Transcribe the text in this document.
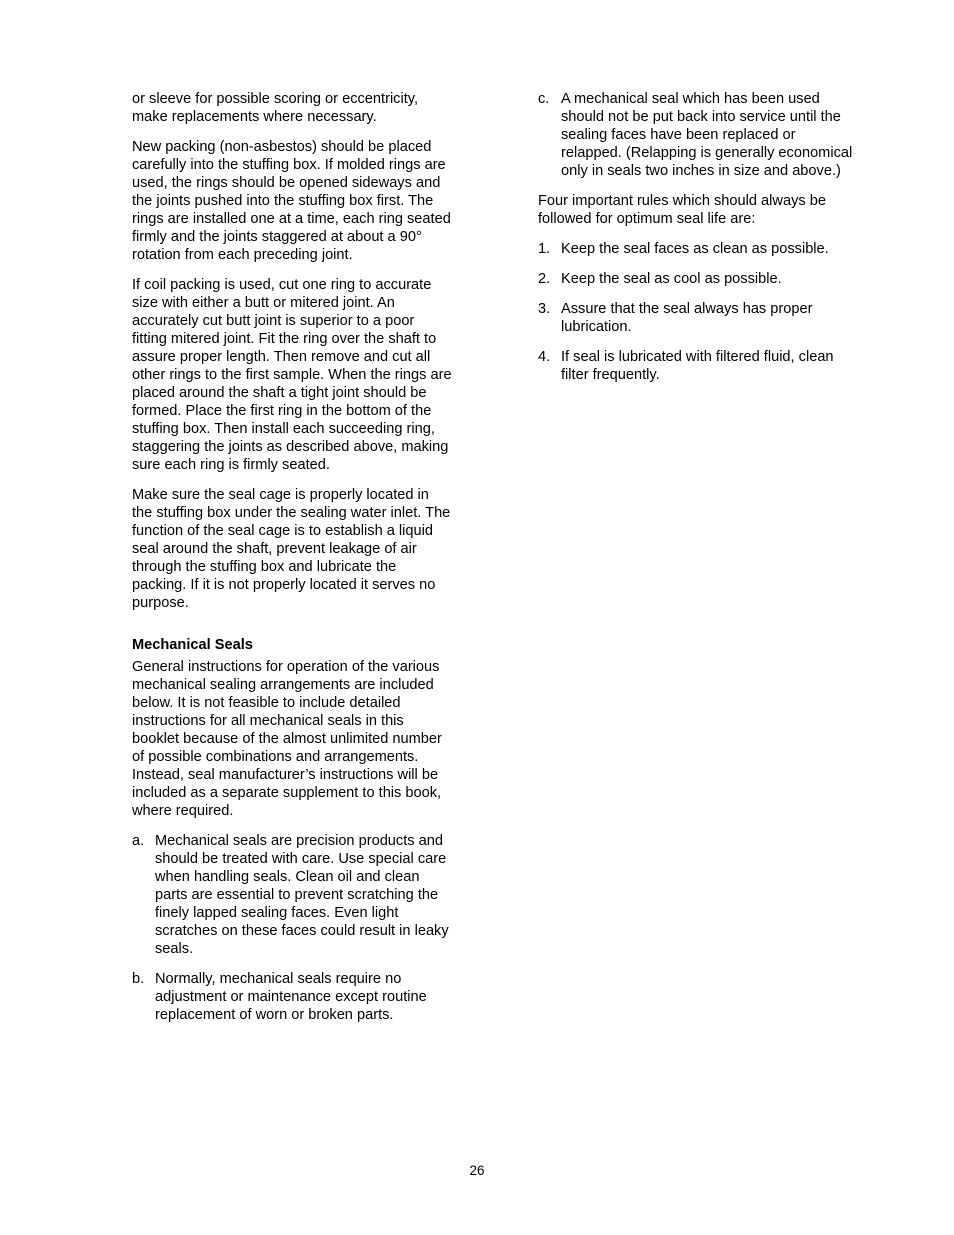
or sleeve for possible scoring or eccentricity, make replacements where necessary.

New packing (non-asbestos) should be placed carefully into the stuffing box. If molded rings are used, the rings should be opened sideways and the joints pushed into the stuffing box first. The rings are installed one at a time, each ring seated firmly and the joints staggered at about a 90° rotation from each preceding joint.

If coil packing is used, cut one ring to accurate size with either a butt or mitered joint. An accurately cut butt joint is superior to a poor fitting mitered joint. Fit the ring over the shaft to assure proper length. Then remove and cut all other rings to the first sample. When the rings are placed around the shaft a tight joint should be formed. Place the first ring in the bottom of the stuffing box. Then install each succeeding ring, staggering the joints as described above, making sure each ring is firmly seated.

Make sure the seal cage is properly located in the stuffing box under the sealing water inlet. The function of the seal cage is to establish a liquid seal around the shaft, prevent leakage of air through the stuffing box and lubricate the packing. If it is not properly located it serves no purpose.

Mechanical Seals

General instructions for operation of the various mechanical sealing arrangements are included below. It is not feasible to include detailed instructions for all mechanical seals in this booklet because of the almost unlimited number of possible combinations and arrangements. Instead, seal manufacturer’s instructions will be included as a separate supplement to this book, where required.

a. Mechanical seals are precision products and should be treated with care. Use special care when handling seals. Clean oil and clean parts are essential to prevent scratching the finely lapped sealing faces. Even light scratches on these faces could result in leaky seals.
b. Normally, mechanical seals require no adjustment or maintenance except routine replacement of worn or broken parts.
c. A mechanical seal which has been used should not be put back into service until the sealing faces have been replaced or relapped. (Relapping is generally economical only in seals two inches in size and above.)

Four important rules which should always be followed for optimum seal life are:

1. Keep the seal faces as clean as possible.
2. Keep the seal as cool as possible.
3. Assure that the seal always has proper lubrication.
4. If seal is lubricated with filtered fluid, clean filter frequently.
26
